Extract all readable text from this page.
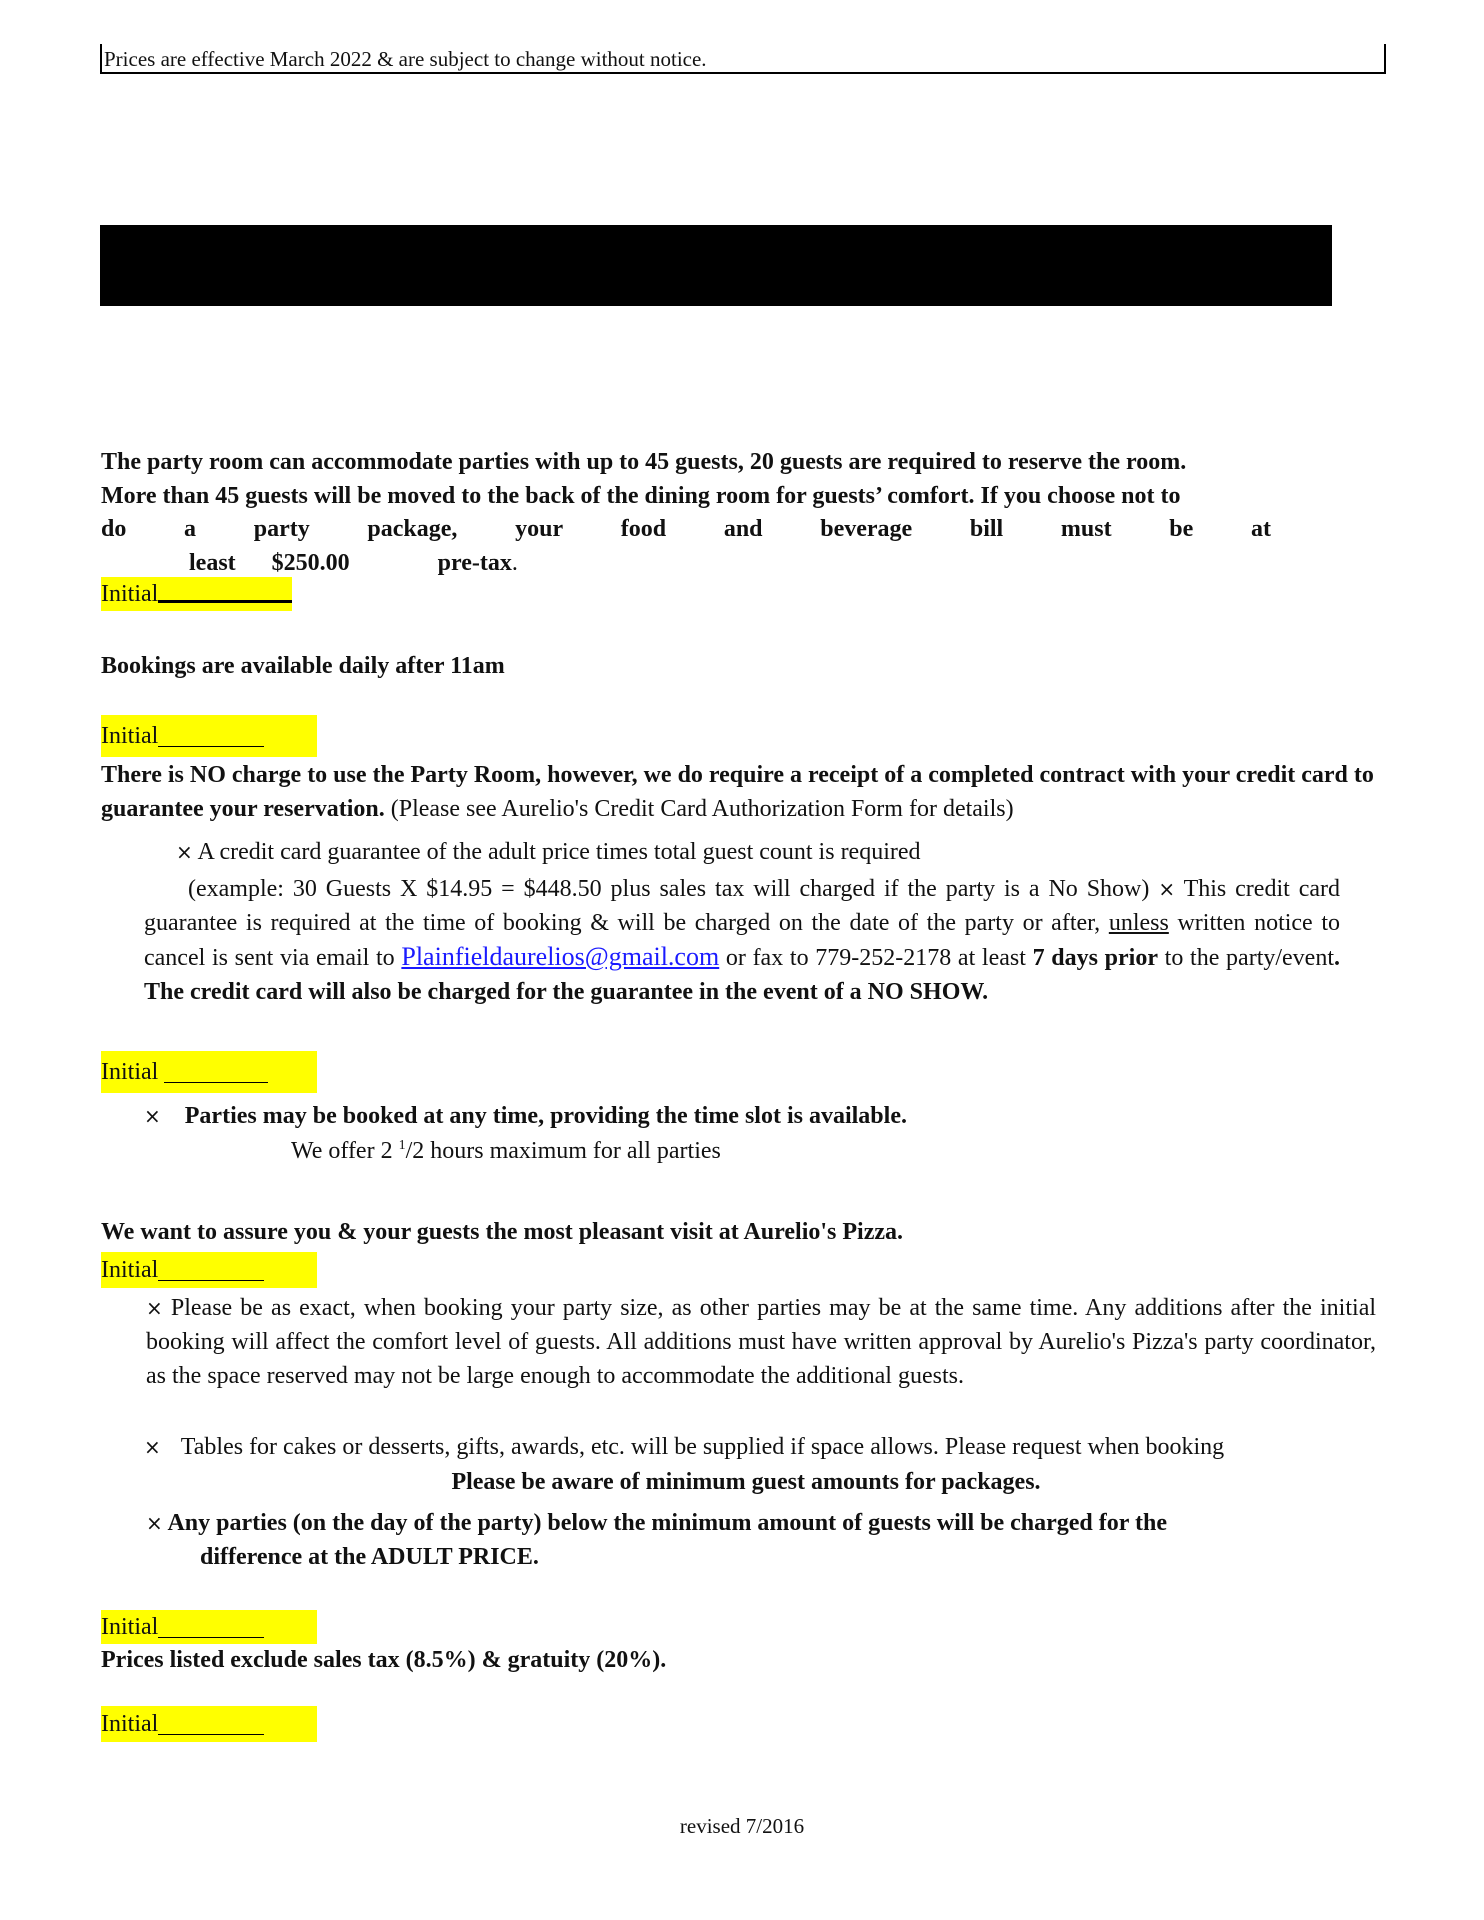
Prices are effective March 2022 & are subject to change without notice.
The party room can accommodate parties with up to 45 guests, 20 guests are required to reserve the room.
More than 45 guests will be moved to the back of the dining room for guests’ comfort. If you choose not to
do a party package, your food and beverage bill must be at
least $250.00	pre-tax.
Initial
Bookings are available daily after 11am
Initial
There is NO charge to use the Party Room, however, we do require a receipt of a completed contract with your credit card to guarantee your reservation. (Please see Aurelio's Credit Card Authorization Form for details)
× A credit card guarantee of the adult price times total guest count is required
(example: 30 Guests X $14.95 = $448.50 plus sales tax will charged if the party is a No Show) × This credit card guarantee is required at the time of booking & will be charged on the date of the party or after, unless written notice to cancel is sent via email to Plainfieldaurelios@gmail.com or fax to 779-252-2178 at least 7 days prior to the party/event. The credit card will also be charged for the guarantee in the event of a NO SHOW.
Initial
× Parties may be booked at any time, providing the time slot is available.
We offer 2 $^1$/2 hours maximum for all parties
We want to assure you & your guests the most pleasant visit at Aurelio's Pizza.
Initial
× Please be as exact, when booking your party size, as other parties may be at the same time. Any additions after the initial booking will affect the comfort level of guests. All additions must have written approval by Aurelio's Pizza's party coordinator, as the space reserved may not be large enough to accommodate the additional guests.
× Tables for cakes or desserts, gifts, awards, etc. will be supplied if space allows. Please request when booking
Please be aware of minimum guest amounts for packages.
× Any parties (on the day of the party) below the minimum amount of guests will be charged for the
difference at the ADULT PRICE.
Initial
Prices listed exclude sales tax (8.5%) & gratuity (20%).
Initial
revised 7/2016
